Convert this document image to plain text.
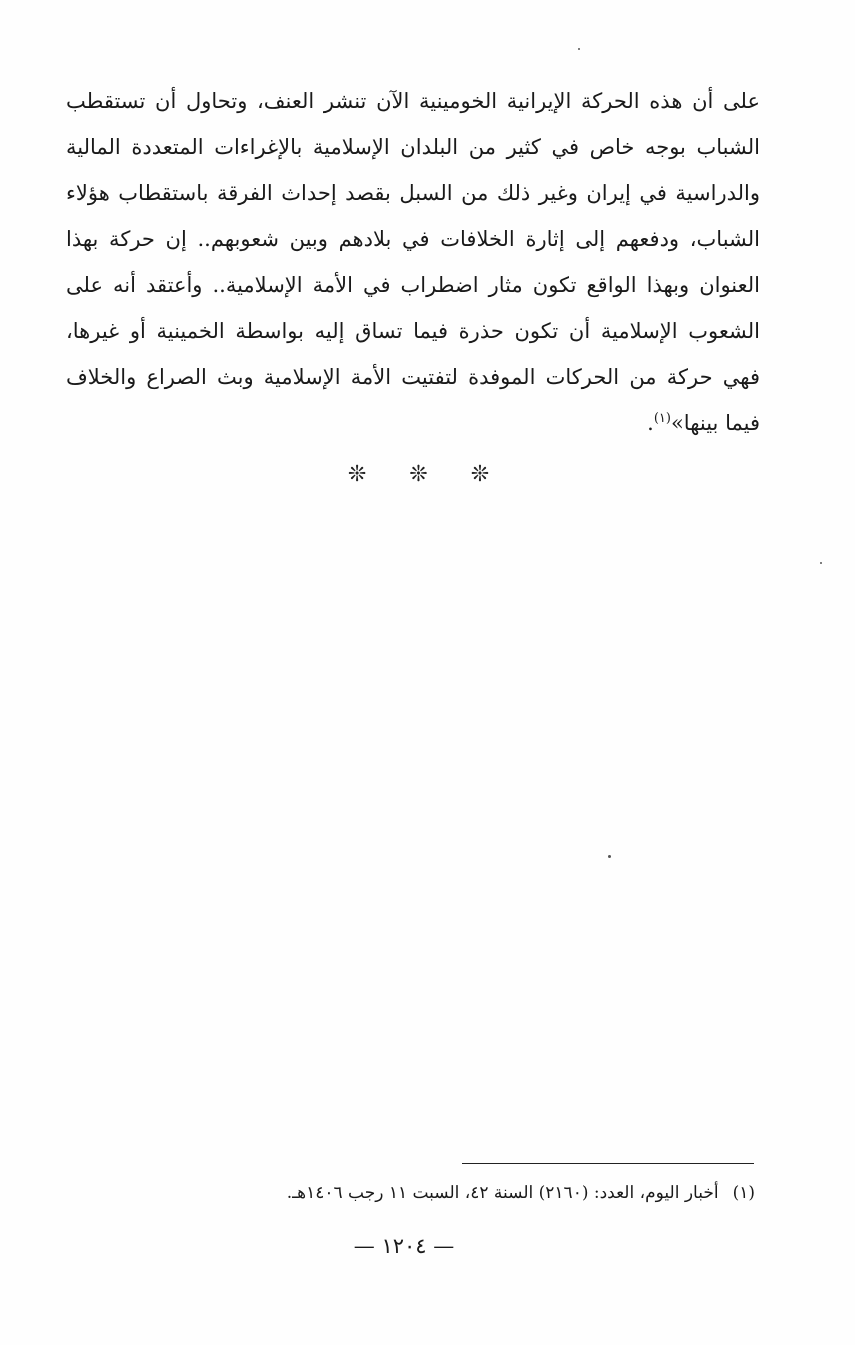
على أن هذه الحركة الإيرانية الخومينية الآن تنشر العنف، وتحاول أن تستقطب
الشباب بوجه خاص في كثير من البلدان الإسلامية بالإغراءات المتعددة المالية
والدراسية في إيران وغير ذلك من السبل بقصد إحداث الفرقة باستقطاب هؤلاء
الشباب، ودفعهم إلى إثارة الخلافات في بلادهم وبين شعوبهم.. إن حركة بهذا
العنوان وبهذا الواقع تكون مثار اضطراب في الأمة الإسلامية.. وأعتقد أنه على
الشعوب الإسلامية أن تكون حذرة فيما تساق إليه بواسطة الخمينية أو غيرها،
فهي حركة من الحركات الموفدة لتفتيت الأمة الإسلامية وبث الصراع والخلاف
فيما بينها»$^{(١)}$.
❊ ❊ ❊
(١)أخبار اليوم، العدد: (٢١٦٠) السنة ٤٢، السبت ١١ رجب ١٤٠٦هـ.
— ١٢٠٤ —
